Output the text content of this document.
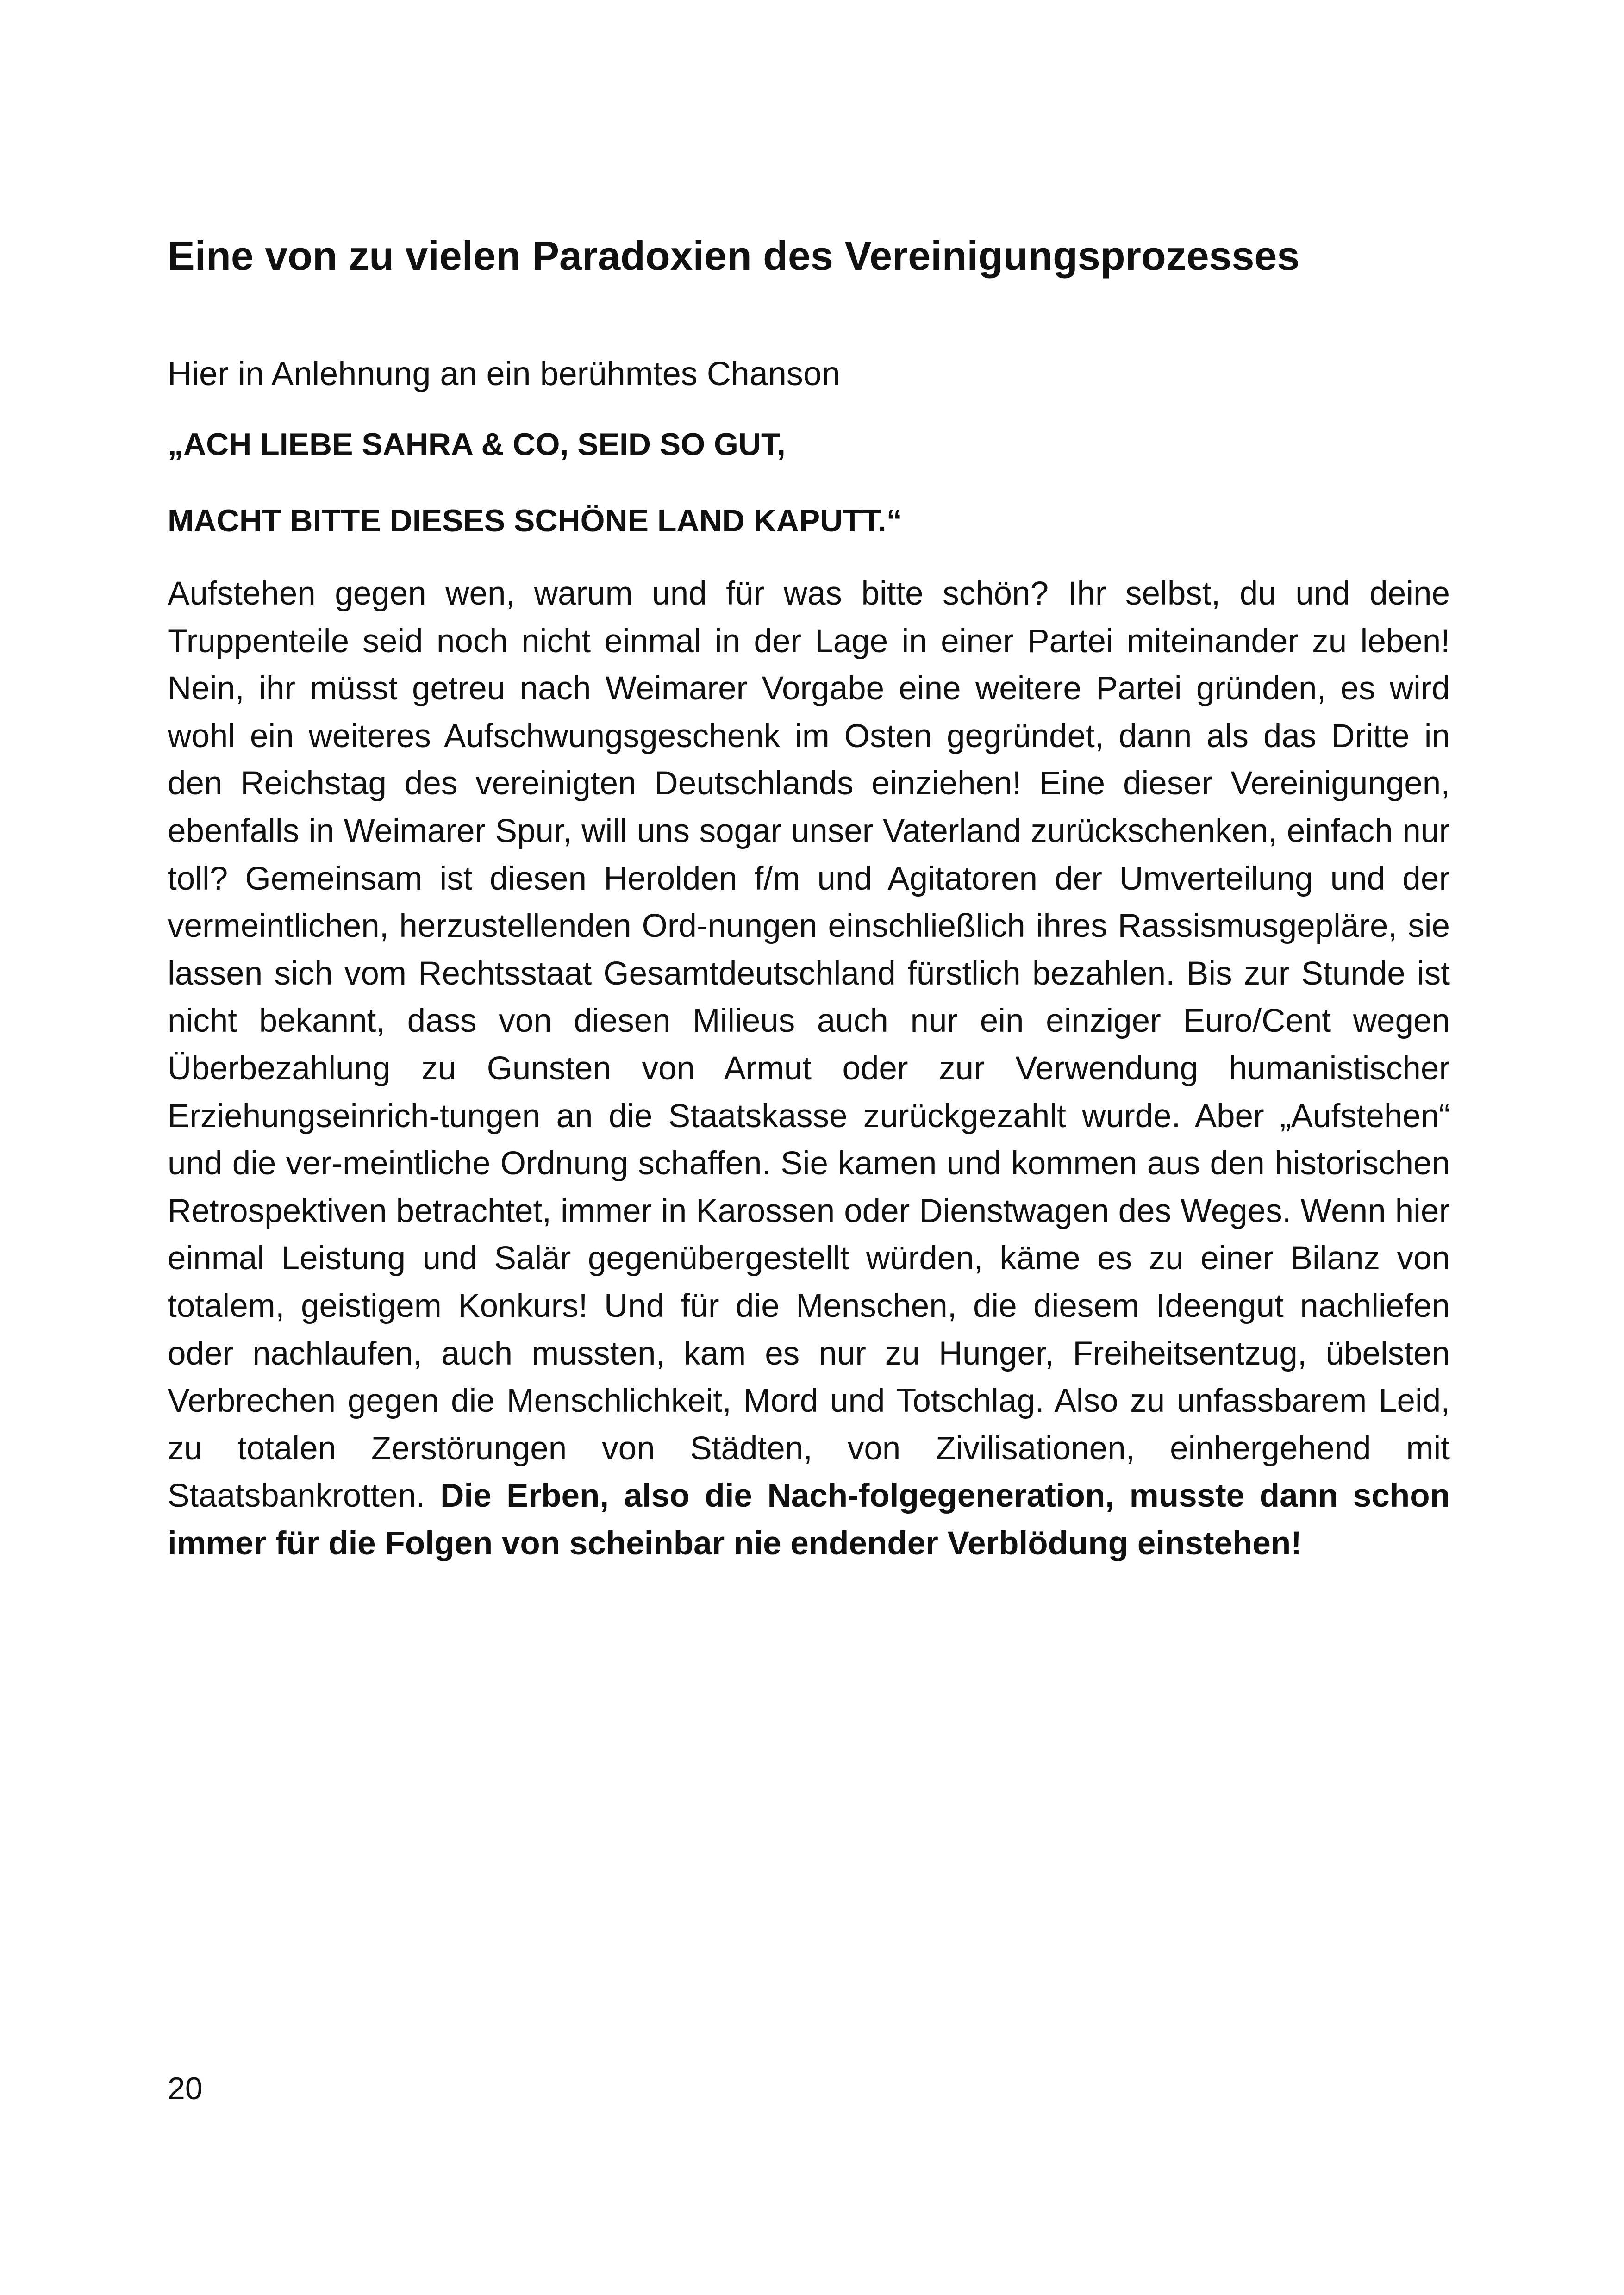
Eine von zu vielen Paradoxien des Vereinigungsprozesses

Hier in Anlehnung an ein berühmtes Chanson

„ACH LIEBE SAHRA & CO, SEID SO GUT,

MACHT BITTE DIESES SCHÖNE LAND KAPUTT.“

Aufstehen gegen wen, warum und für was bitte schön? Ihr selbst, du und deine Truppenteile seid noch nicht einmal in der Lage in einer Partei miteinander zu leben! Nein, ihr müsst getreu nach Weimarer Vorgabe eine weitere Partei gründen, es wird wohl ein weiteres Aufschwungsgeschenk im Osten gegründet, dann als das Dritte in den Reichstag des vereinigten Deutschlands einziehen! Eine dieser Vereinigungen, ebenfalls in Weimarer Spur, will uns sogar unser Vaterland zurückschenken, einfach nur toll? Gemeinsam ist diesen Herolden f/m und Agitatoren der Umverteilung und der vermeintlichen, herzustellenden Ord-nungen einschließlich ihres Rassismusgepläre, sie lassen sich vom Rechtsstaat Gesamtdeutschland fürstlich bezahlen. Bis zur Stunde ist nicht bekannt, dass von diesen Milieus auch nur ein einziger Euro/Cent wegen Überbezahlung zu Gunsten von Armut oder zur Verwendung humanistischer Erziehungseinrich-tungen an die Staatskasse zurückgezahlt wurde. Aber „Aufstehen“ und die ver-meintliche Ordnung schaffen. Sie kamen und kommen aus den historischen Retrospektiven betrachtet, immer in Karossen oder Dienstwagen des Weges. Wenn hier einmal Leistung und Salär gegenübergestellt würden, käme es zu einer Bilanz von totalem, geistigem Konkurs! Und für die Menschen, die diesem Ideengut nachliefen oder nachlaufen, auch mussten, kam es nur zu Hunger, Freiheitsentzug, übelsten Verbrechen gegen die Menschlichkeit, Mord und Totschlag. Also zu unfassbarem Leid, zu totalen Zerstörungen von Städten, von Zivilisationen, einhergehend mit Staatsbankrotten. Die Erben, also die Nach-folgegeneration, musste dann schon immer für die Folgen von scheinbar nie endender Verblödung einstehen!

20
